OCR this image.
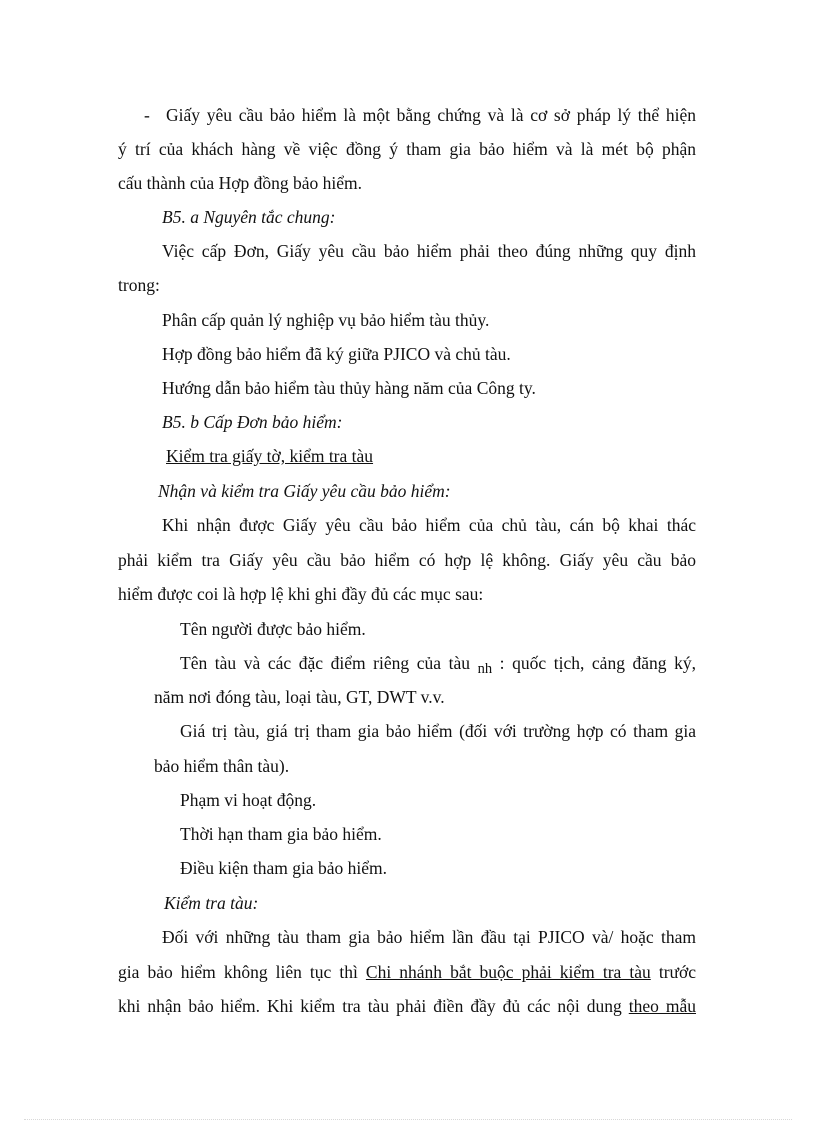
- Giấy yêu cầu bảo hiểm là một bằng chứng và là cơ sở pháp lý thể hiện
ý trí của khách hàng về việc đồng ý tham gia bảo hiểm và là mét bộ phận
cấu thành của Hợp đồng bảo hiểm.
B5. a Nguyên tắc chung:
Việc cấp Đơn, Giấy yêu cầu bảo hiểm phải theo đúng những quy định
trong:
Phân cấp quản lý nghiệp vụ bảo hiểm tàu thủy.
Hợp đồng bảo hiểm đã ký giữa PJICO và chủ tàu.
Hướng dẫn bảo hiểm tàu thủy hàng năm của Công ty.
B5. b Cấp Đơn bảo hiểm:
Kiểm tra giấy tờ, kiểm tra tàu
Nhận và kiểm tra Giấy yêu cầu bảo hiểm:
Khi nhận được Giấy yêu cầu bảo hiểm của chủ tàu, cán bộ khai thác
phải kiểm tra Giấy yêu cầu bảo hiểm có hợp lệ không. Giấy yêu cầu bảo
hiểm được coi là hợp lệ khi ghi đầy đủ các mục sau:
Tên người được bảo hiểm.
Tên tàu và các đặc điểm riêng của tàu $_{nh}$ : quốc tịch, cảng đăng ký,
năm nơi đóng tàu, loại tàu, GT, DWT v.v.
Giá trị tàu, giá trị tham gia bảo hiểm (đối với trường hợp có tham gia
bảo hiểm thân tàu).
Phạm vi hoạt động.
Thời hạn tham gia bảo hiểm.
Điều kiện tham gia bảo hiểm.
Kiểm tra tàu:
Đối với những tàu tham gia bảo hiểm lần đầu tại PJICO và/ hoặc tham
gia bảo hiểm không liên tục thì Chi nhánh bắt buộc phải kiểm tra tàu trước
khi nhận bảo hiểm. Khi kiểm tra tàu phải điền đầy đủ các nội dung theo mẫu
